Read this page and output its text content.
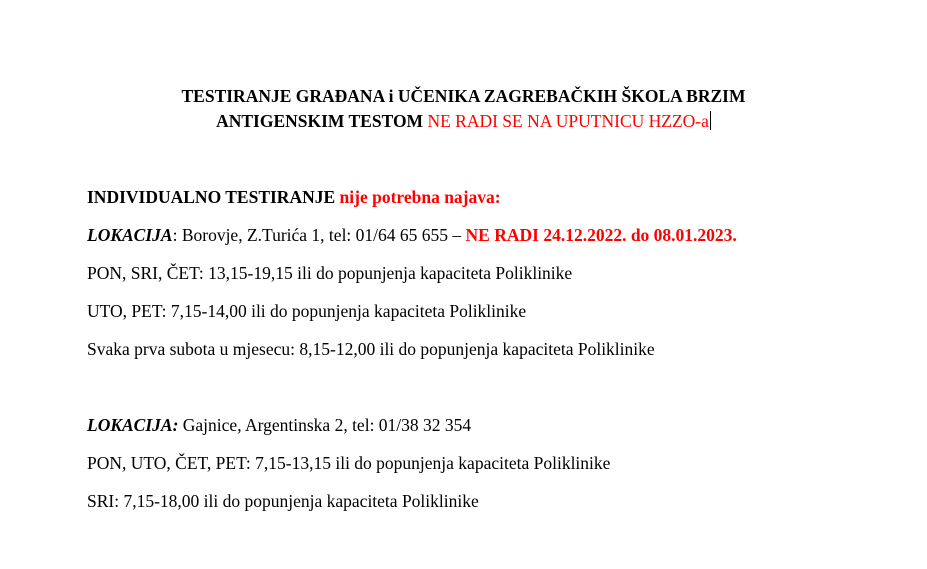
TESTIRANJE GRAĐANA i UČENIKA ZAGREBAČKIH ŠKOLA BRZIM
ANTIGENSKIM TESTOM NE RADI SE NA UPUTNICU HZZO-a
INDIVIDUALNO TESTIRANJE nije potrebna najava:
LOKACIJA: Borovje, Z.Turića 1, tel: 01/64 65 655 – NE RADI 24.12.2022. do 08.01.2023.
PON, SRI, ČET: 13,15-19,15 ili do popunjenja kapaciteta Poliklinike
UTO, PET: 7,15-14,00 ili do popunjenja kapaciteta Poliklinike
Svaka prva subota u mjesecu: 8,15-12,00 ili do popunjenja kapaciteta Poliklinike
LOKACIJA: Gajnice, Argentinska 2, tel: 01/38 32 354
PON, UTO, ČET, PET: 7,15-13,15 ili do popunjenja kapaciteta Poliklinike
SRI: 7,15-18,00 ili do popunjenja kapaciteta Poliklinike
